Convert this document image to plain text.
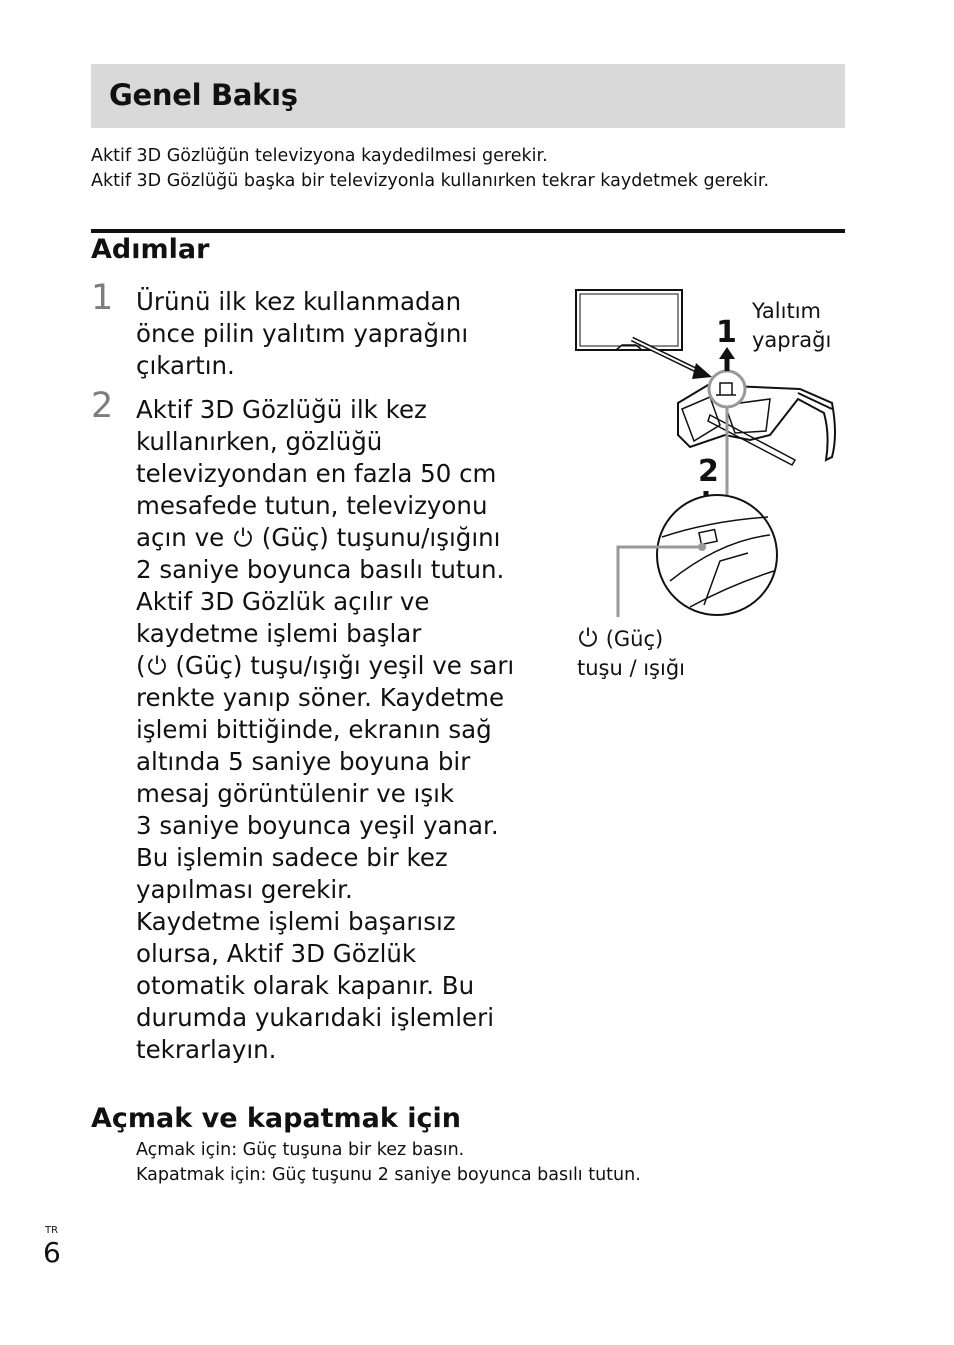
Genel Bakış
Aktif 3D Gözlüğün televizyona kaydedilmesi gerekir.
Aktif 3D Gözlüğü başka bir televizyonla kullanırken tekrar kaydetmek gerekir.
Adımlar
1 Ürünü ilk kez kullanmadan

önce pilin yalıtım yaprağını

çıkartın.

2 Aktif 3D Gözlüğü ilk kez

kullanırken, gözlüğü

televizyondan en fazla 50 cm

mesafede tutun, televizyonu

açın ve  (Güç) tuşunu/ışığını

2 saniye boyunca basılı tutun.

Aktif 3D Gözlük açılır ve

kaydetme işlemi başlar

( (Güç) tuşu/ışığı yeşil ve sarı

renkte yanıp söner. Kaydetme

işlemi bittiğinde, ekranın sağ

altında 5 saniye boyuna bir

mesaj görüntülenir ve ışık

3 saniye boyunca yeşil yanar.

Bu işlemin sadece bir kez

yapılması gerekir.

Kaydetme işlemi başarısız

olursa, Aktif 3D Gözlük

otomatik olarak kapanır. Bu

durumda yukarıdaki işlemleri

tekrarlayın.

1
2
Yalıtım
yaprağı
(Güç)
tuşu / ışığı
Açmak ve kapatmak için
Açmak için: Güç tuşuna bir kez basın.
Kapatmak için: Güç tuşunu 2 saniye boyunca basılı tutun.
TR
6
